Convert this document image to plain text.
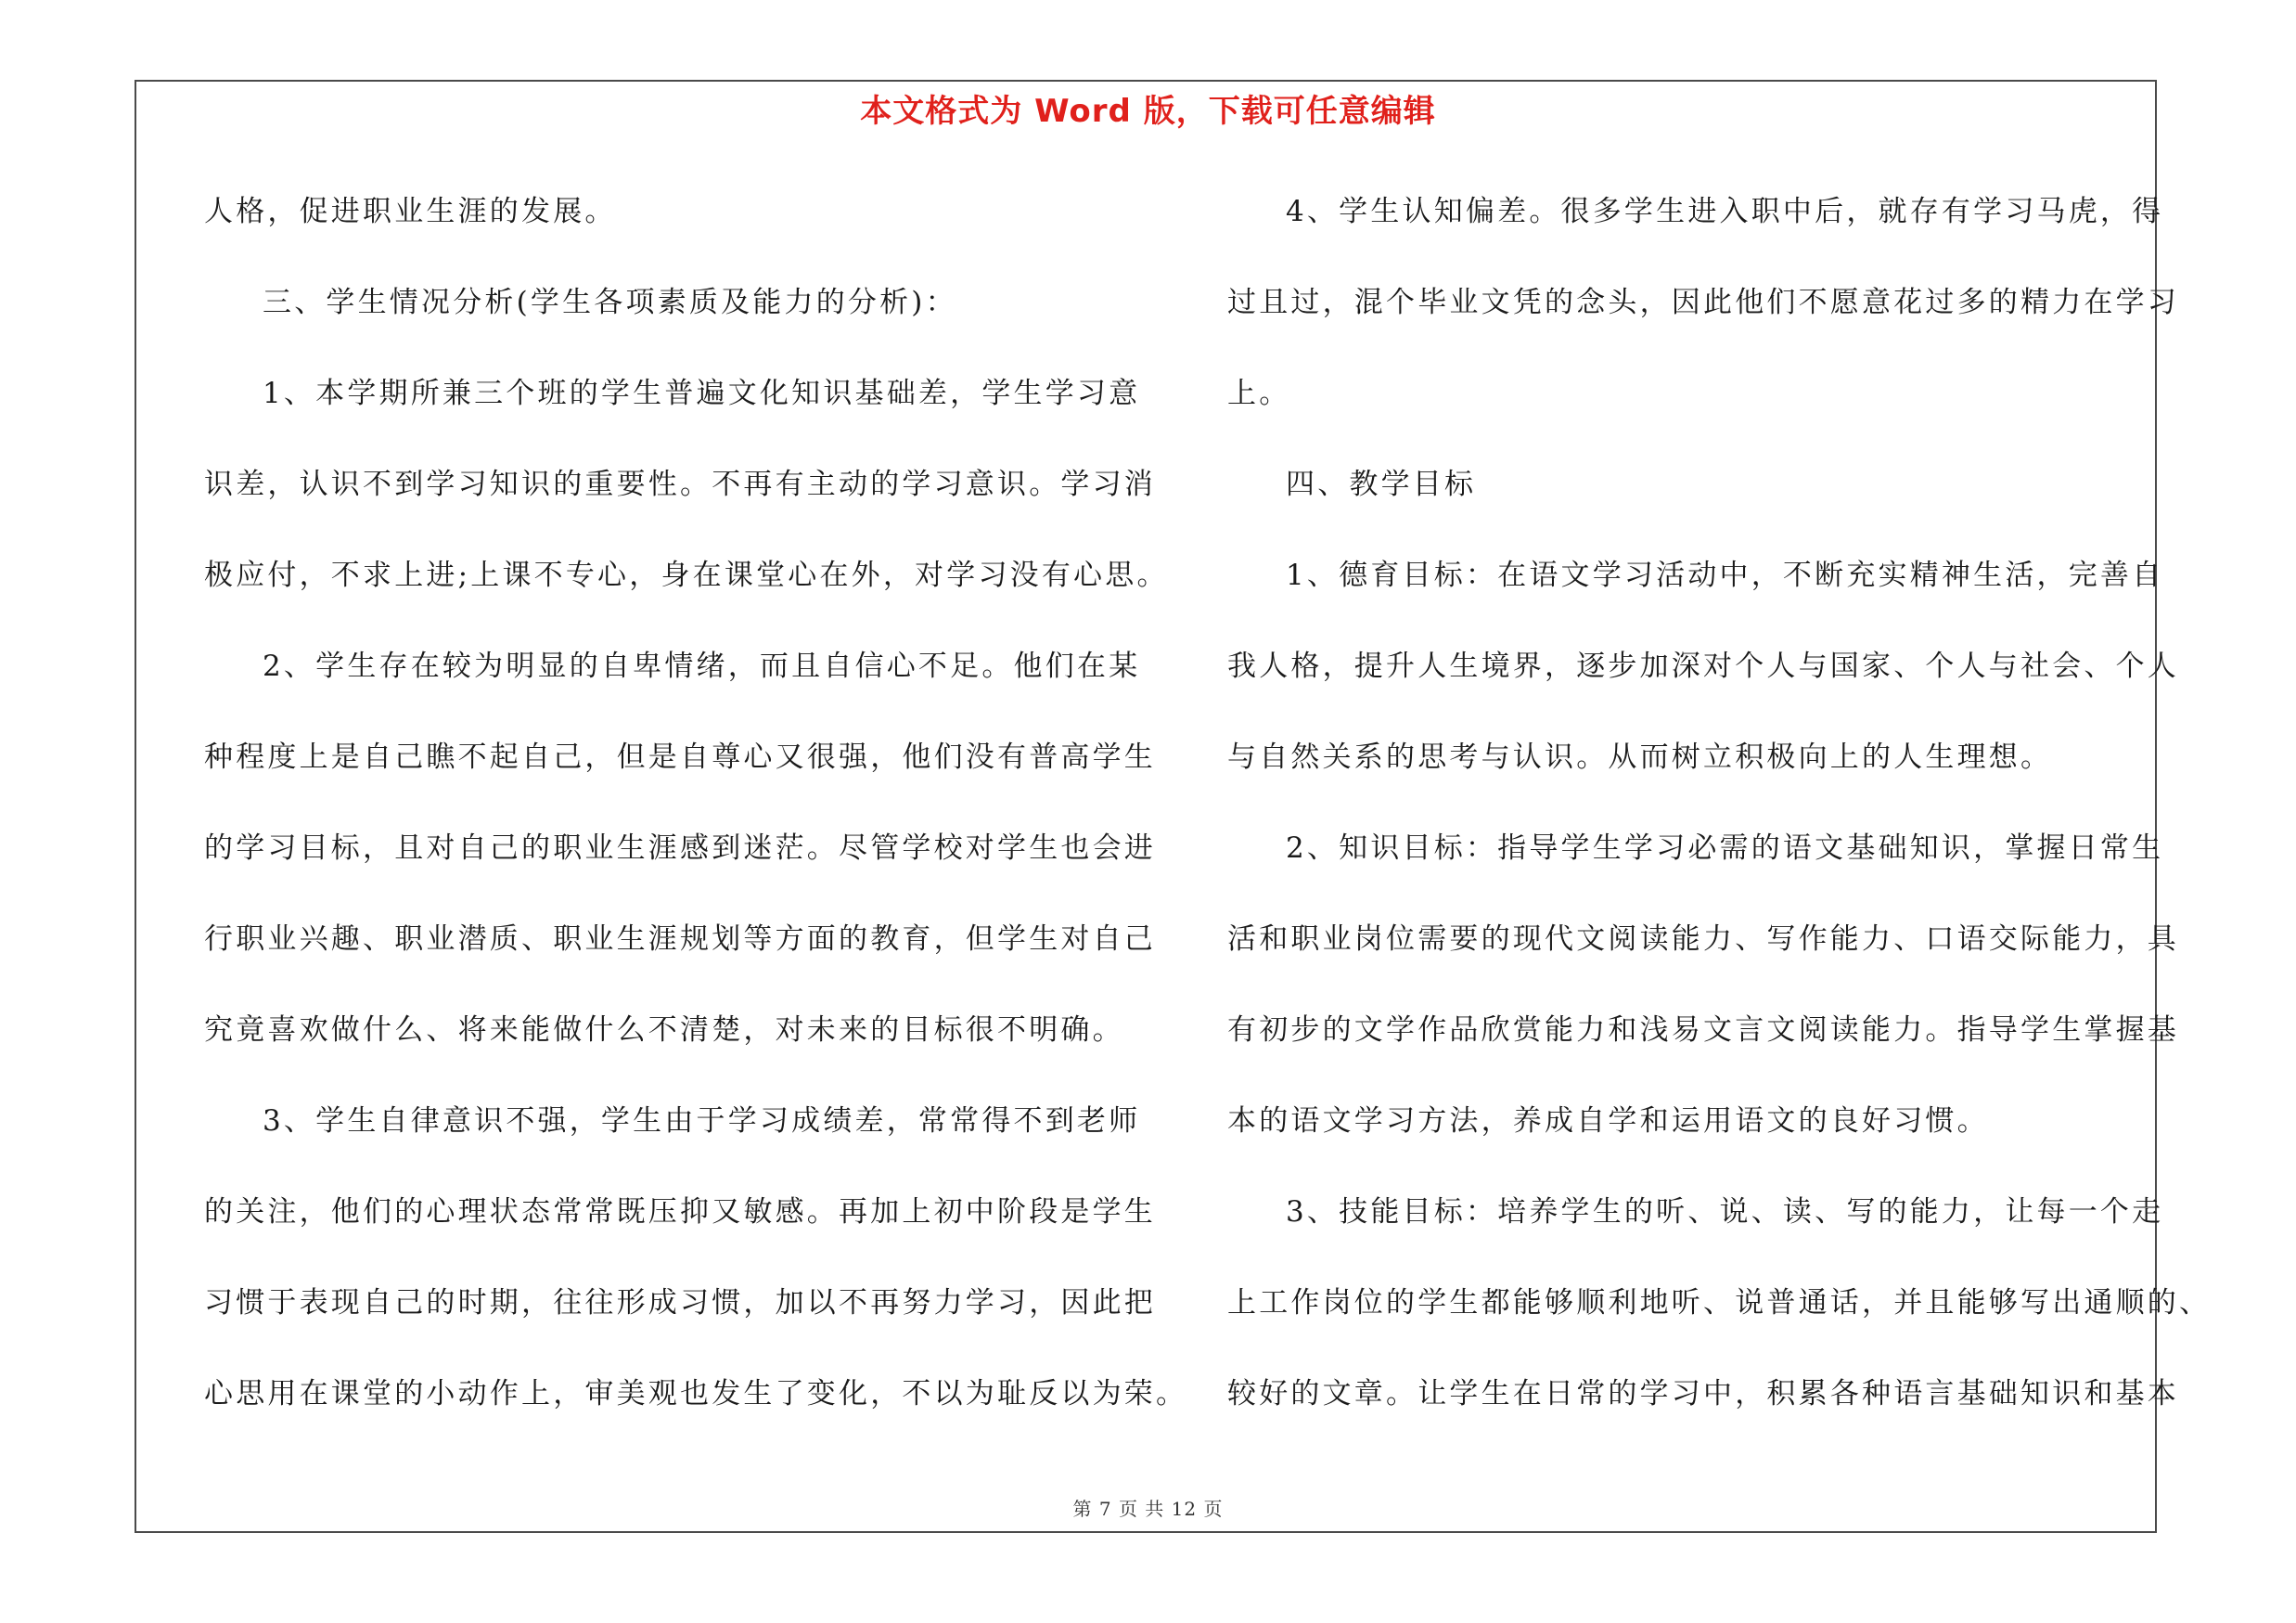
本文格式为 Word 版，下载可任意编辑
人格，促进职业生涯的发展。
三、学生情况分析(学生各项素质及能力的分析)：
1、本学期所兼三个班的学生普遍文化知识基础差，学生学习意
识差，认识不到学习知识的重要性。不再有主动的学习意识。学习消
极应付，不求上进;上课不专心，身在课堂心在外，对学习没有心思。
2、学生存在较为明显的自卑情绪，而且自信心不足。他们在某
种程度上是自己瞧不起自己，但是自尊心又很强，他们没有普高学生
的学习目标，且对自己的职业生涯感到迷茫。尽管学校对学生也会进
行职业兴趣、职业潜质、职业生涯规划等方面的教育，但学生对自己
究竟喜欢做什么、将来能做什么不清楚，对未来的目标很不明确。
3、学生自律意识不强，学生由于学习成绩差，常常得不到老师
的关注，他们的心理状态常常既压抑又敏感。再加上初中阶段是学生
习惯于表现自己的时期，往往形成习惯，加以不再努力学习，因此把
心思用在课堂的小动作上，审美观也发生了变化，不以为耻反以为荣。
4、学生认知偏差。很多学生进入职中后，就存有学习马虎，得
过且过，混个毕业文凭的念头，因此他们不愿意花过多的精力在学习
上。
四、教学目标
1、德育目标：在语文学习活动中，不断充实精神生活，完善自
我人格，提升人生境界，逐步加深对个人与国家、个人与社会、个人
与自然关系的思考与认识。从而树立积极向上的人生理想。
2、知识目标：指导学生学习必需的语文基础知识，掌握日常生
活和职业岗位需要的现代文阅读能力、写作能力、口语交际能力，具
有初步的文学作品欣赏能力和浅易文言文阅读能力。指导学生掌握基
本的语文学习方法，养成自学和运用语文的良好习惯。
3、技能目标：培养学生的听、说、读、写的能力，让每一个走
上工作岗位的学生都能够顺利地听、说普通话，并且能够写出通顺的、
较好的文章。让学生在日常的学习中，积累各种语言基础知识和基本
第 7 页 共 12 页
